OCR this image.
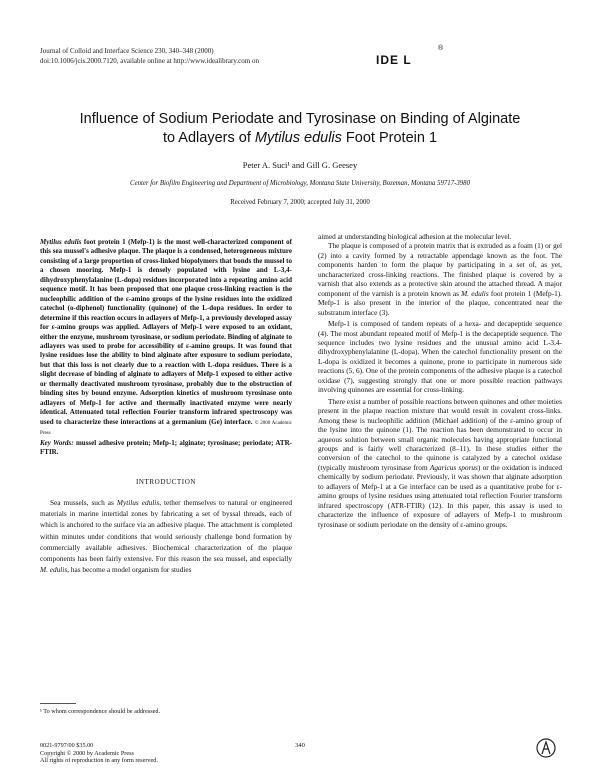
Journal of Colloid and Interface Science 230, 340–348 (2000)
doi:10.1006/jcis.2000.7120, available online at http://www.idealibrary.com on	IDE L
®
Influence of Sodium Periodate and Tyrosinase on Binding of Alginate
to Adlayers of Mytilus edulis Foot Protein 1
Peter A. Suci¹ and Gill G. Geesey
Center for Biofilm Engineering and Department of Microbiology, Montana State University, Bozeman, Montana 59717-3980
Received February 7, 2000; accepted July 31, 2000

Mytilus edulis foot protein 1 (Mefp-1) is the most well-characterized component of this sea mussel's adhesive plaque. The plaque is a condensed, heterogeneous mixture consisting of a large proportion of cross-linked biopolymers that bonds the mussel to a chosen mooring. Mefp-1 is densely populated with lysine and L-3,4-dihydroxyphenylalanine (L-dopa) residues incorporated into a repeating amino acid sequence motif. It has been proposed that one plaque cross-linking reaction is the nucleophilic addition of the ε-amino groups of the lysine residues into the oxidized catechol (o-diphenol) functionality (quinone) of the L-dopa residues. In order to determine if this reaction occurs in adlayers of Mefp-1, a previously developed assay for ε-amino groups was applied. Adlayers of Mefp-1 were exposed to an oxidant, either the enzyme, mushroom tyrosinase, or sodium periodate. Binding of alginate to adlayers was used to probe for accessibility of ε-amino groups. It was found that lysine residues lose the ability to bind alginate after exposure to sodium periodate, but that this loss is not clearly due to a reaction with L-dopa residues. There is a slight decrease of binding of alginate to adlayers of Mefp-1 exposed to either active or thermally deactivated mushroom tyrosinase, probably due to the obstruction of binding sites by bound enzyme. Adsorption kinetics of mushroom tyrosinase onto adlayers of Mefp-1 for active and thermally inactivated enzyme were nearly identical. Attenuated total reflection Fourier transform infrared spectroscopy was used to characterize these interactions at a germanium (Ge) interface. © 2000 Academic Press

Key Words: mussel adhesive protein; Mefp-1; alginate; tyrosinase; periodate; ATR-FTIR.

INTRODUCTION

Sea mussels, such as Mytilus edulis, tether themselves to natural or engineered materials in marine intertidal zones by fabricating a set of byssal threads, each of which is anchored to the surface via an adhesive plaque. The attachment is completed within minutes under conditions that would seriously challenge bond formation by commercially available adhesives. Biochemical characterization of the plaque components has been fairly extensive. For this reason the sea mussel, and especially M. edulis, has become a model organism for studies

aimed at understanding biological adhesion at the molecular level.

The plaque is composed of a protein matrix that is extruded as a foam (1) or gel (2) into a cavity formed by a retractable appendage known as the foot. The components harden to form the plaque by participating in a set of, as yet, uncharacterized cross-linking reactions. The finished plaque is covered by a varnish that also extends as a protective skin around the attached thread. A major component of the varnish is a protein known as M. edulis foot protein 1 (Mefp-1). Mefp-1 is also present in the interior of the plaque, concentrated near the substratum interface (3).

Mefp-1 is composed of tandem repeats of a hexa- and decapeptide sequence (4). The most abundant repeated motif of Mefp-1 is the decapeptide sequence. The sequence includes two lysine residues and the unusual amino acid L-3,4-dihydroxyphenylalanine (L-dopa). When the catechol functionality present on the L-dopa is oxidized it becomes a quinone, prone to participate in numerous side reactions (5, 6). One of the protein components of the adhesive plaque is a catechol oxidase (7), suggesting strongly that one or more possible reaction pathways involving quinones are essential for cross-linking.

There exist a number of possible reactions between quinones and other moieties present in the plaque reaction mixture that would result in covalent cross-links. Among these is nucleophilic addition (Michael addition) of the ε-amino group of the lysine into the quinone (1). The reaction has been demonstrated to occur in aqueous solution between small organic molecules having appropriate functional groups and is fairly well characterized (8–11). In these studies either the conversion of the catechol to the quinone is catalyzed by a catechol oxidase (typically mushroom tyrosinase from Agaricus sporus) or the oxidation is induced chemically by sodium periodate. Previously, it was shown that alginate adsorption to adlayers of Mefp-1 at a Ge interface can be used as a quantitative probe for ε-amino groups of lysine residues using attenuated total reflection Fourier transform infrared spectroscopy (ATR-FTIR) (12). In this paper, this assay is used to characterize the influence of exposure of adlayers of Mefp-1 to mushroom tyrosinase or sodium periodate on the density of ε-amino groups.

¹ To whom correspondence should be addressed.
0021-9797/00 $35.00
Copyright © 2000 by Academic Press
All rights of reproduction in any form reserved.
340
